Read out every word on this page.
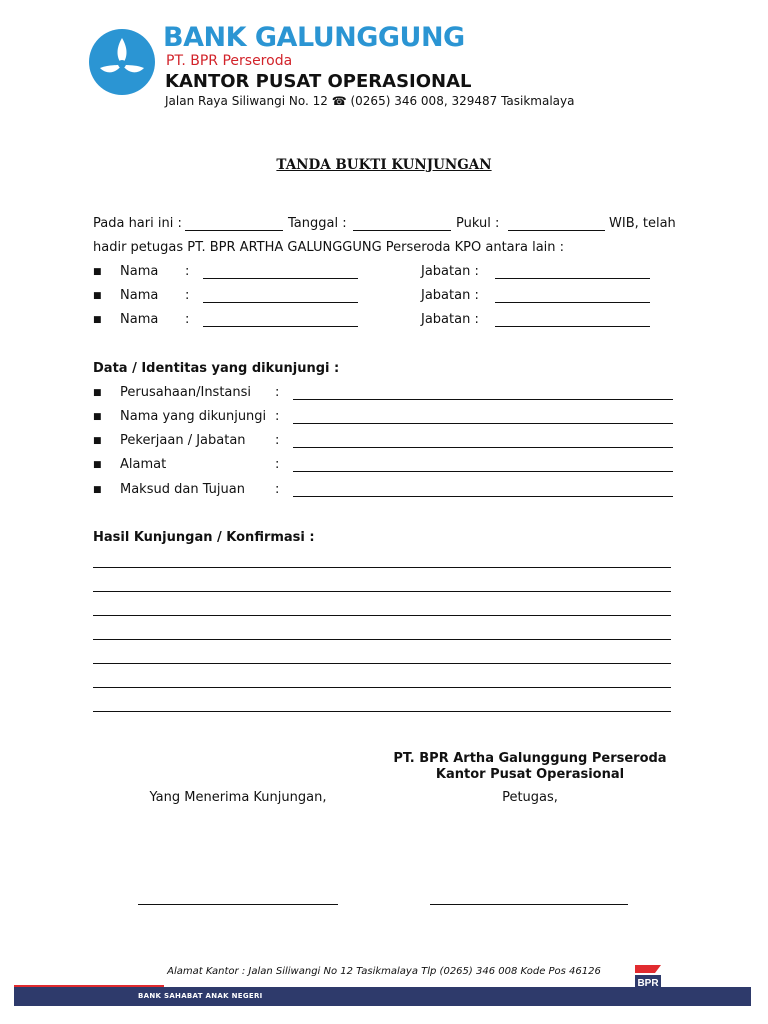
BANK GALUNGGUNG
PT. BPR Perseroda
KANTOR PUSAT OPERASIONAL
Jalan Raya Siliwangi No. 12 ☎ (0265) 346 008, 329487 Tasikmalaya
TANDA BUKTI KUNJUNGAN
Pada hari ini :	Tanggal :	Pukul :	WIB, telah
hadir petugas PT. BPR ARTHA GALUNGGUNG Perseroda KPO antara lain :
■ Nama :	Jabatan :
■ Nama :	Jabatan :
■ Nama :	Jabatan :
Data / Identitas yang dikunjungi :
■ Perusahaan/Instansi :
■ Nama yang dikunjungi :
■ Pekerjaan / Jabatan :
■ Alamat	:
■ Maksud dan Tujuan :
Hasil Kunjungan / Konfirmasi :
PT. BPR Artha Galunggung Perseroda
Kantor Pusat Operasional
Yang Menerima Kunjungan,	Petugas,
Alamat Kantor : Jalan Siliwangi No 12 Tasikmalaya Tlp (0265) 346 008 Kode Pos 46126
BANK SAHABAT ANAK NEGERI
BPR
